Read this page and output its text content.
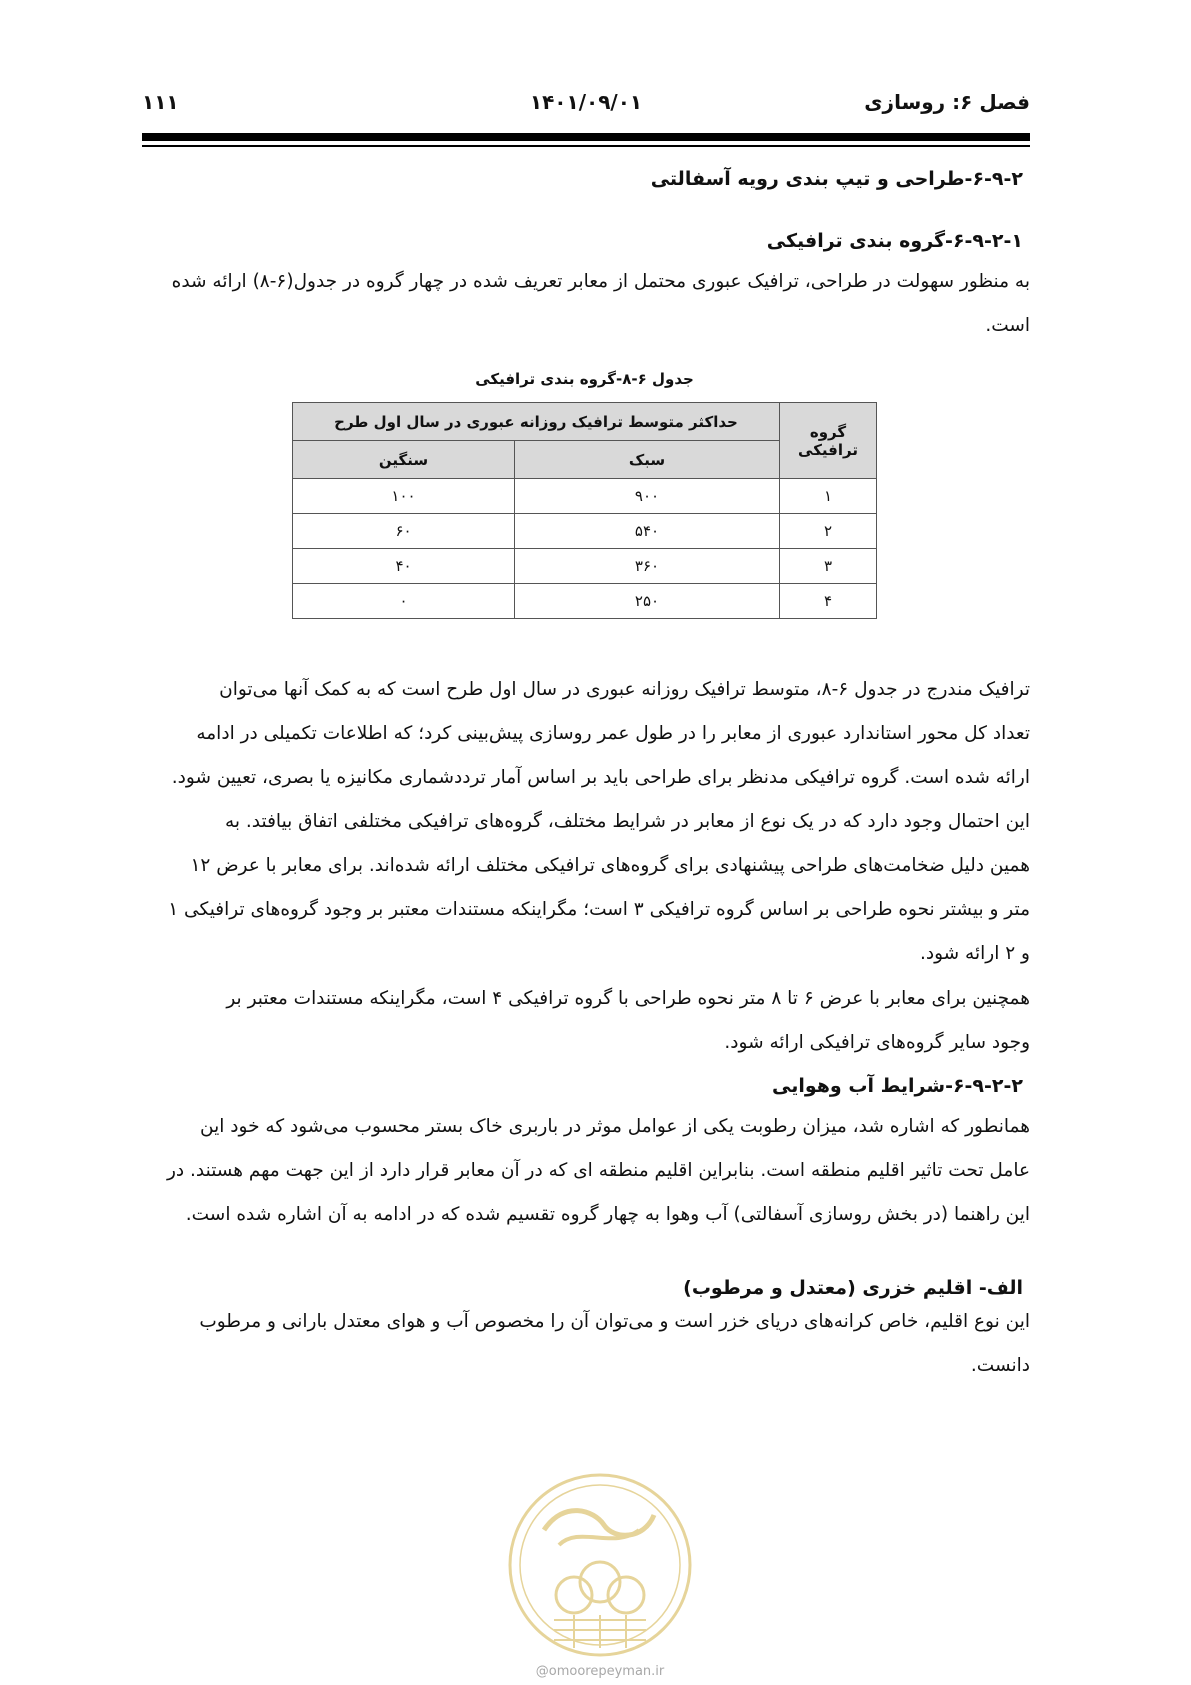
فصل ۶: روسازی
۱۴۰۱/۰۹/۰۱
۱۱۱
۶-۹-۲-طراحی و تیپ بندی رویه آسفالتی
۶-۹-۲-۱-گروه بندی ترافیکی
به منظور سهولت در طراحی، ترافیک عبوری محتمل از معابر تعریف شده در چهار گروه در جدول(۶-۸) ارائه شده
است.
جدول ۶-۸-گروه بندی ترافیکی
گروه
ترافیکی	حداکثر متوسط ترافیک روزانه عبوری در سال اول طرح	
	سبک	سنگین
۱	۹۰۰	۱۰۰
۲	۵۴۰	۶۰
۳	۳۶۰	۴۰
۴	۲۵۰	۰
ترافیک مندرج در جدول ۶-۸، متوسط ترافیک روزانه عبوری در سال اول طرح است که به کمک آنها می‌توان
تعداد کل محور استاندارد عبوری از معابر را در طول عمر روسازی پیش‌بینی کرد؛ که اطلاعات تکمیلی در ادامه
ارائه شده است. گروه ترافیکی مدنظر برای طراحی باید بر اساس آمار ترددشماری مکانیزه یا بصری، تعیین شود.
این احتمال وجود دارد که در یک نوع از معابر در شرایط مختلف، گروه‌های ترافیکی مختلفی اتفاق بیافتد. به
همین دلیل ضخامت‌های طراحی پیشنهادی برای گروه‌های ترافیکی مختلف ارائه شده‌اند. برای معابر با عرض ۱۲
متر و بیشتر نحوه طراحی بر اساس گروه ترافیکی ۳ است؛ مگراینکه مستندات معتبر بر وجود گروه‌های ترافیکی ۱
و ۲ ارائه شود.
همچنین برای معابر با عرض ۶ تا ۸ متر نحوه طراحی با گروه ترافیکی ۴ است، مگراینکه مستندات معتبر بر
وجود سایر گروه‌های ترافیکی ارائه شود.
۶-۹-۲-۲-شرایط آب وهوایی
همانطور که اشاره شد، میزان رطوبت یکی از عوامل موثر در باربری خاک بستر محسوب می‌شود که خود این
عامل تحت تاثیر اقلیم منطقه است. بنابراین اقلیم منطقه ای که در آن معابر قرار دارد از این جهت مهم هستند. در
این راهنما (در بخش روسازی آسفالتی) آب وهوا به چهار گروه تقسیم شده که در ادامه به آن اشاره شده است.
الف- اقلیم خزری (معتدل و مرطوب)
این نوع اقلیم، خاص کرانه‌های دریای خزر است و می‌توان آن را مخصوص آب و هوای معتدل بارانی و مرطوب
دانست.
@omoorepeyman.ir
